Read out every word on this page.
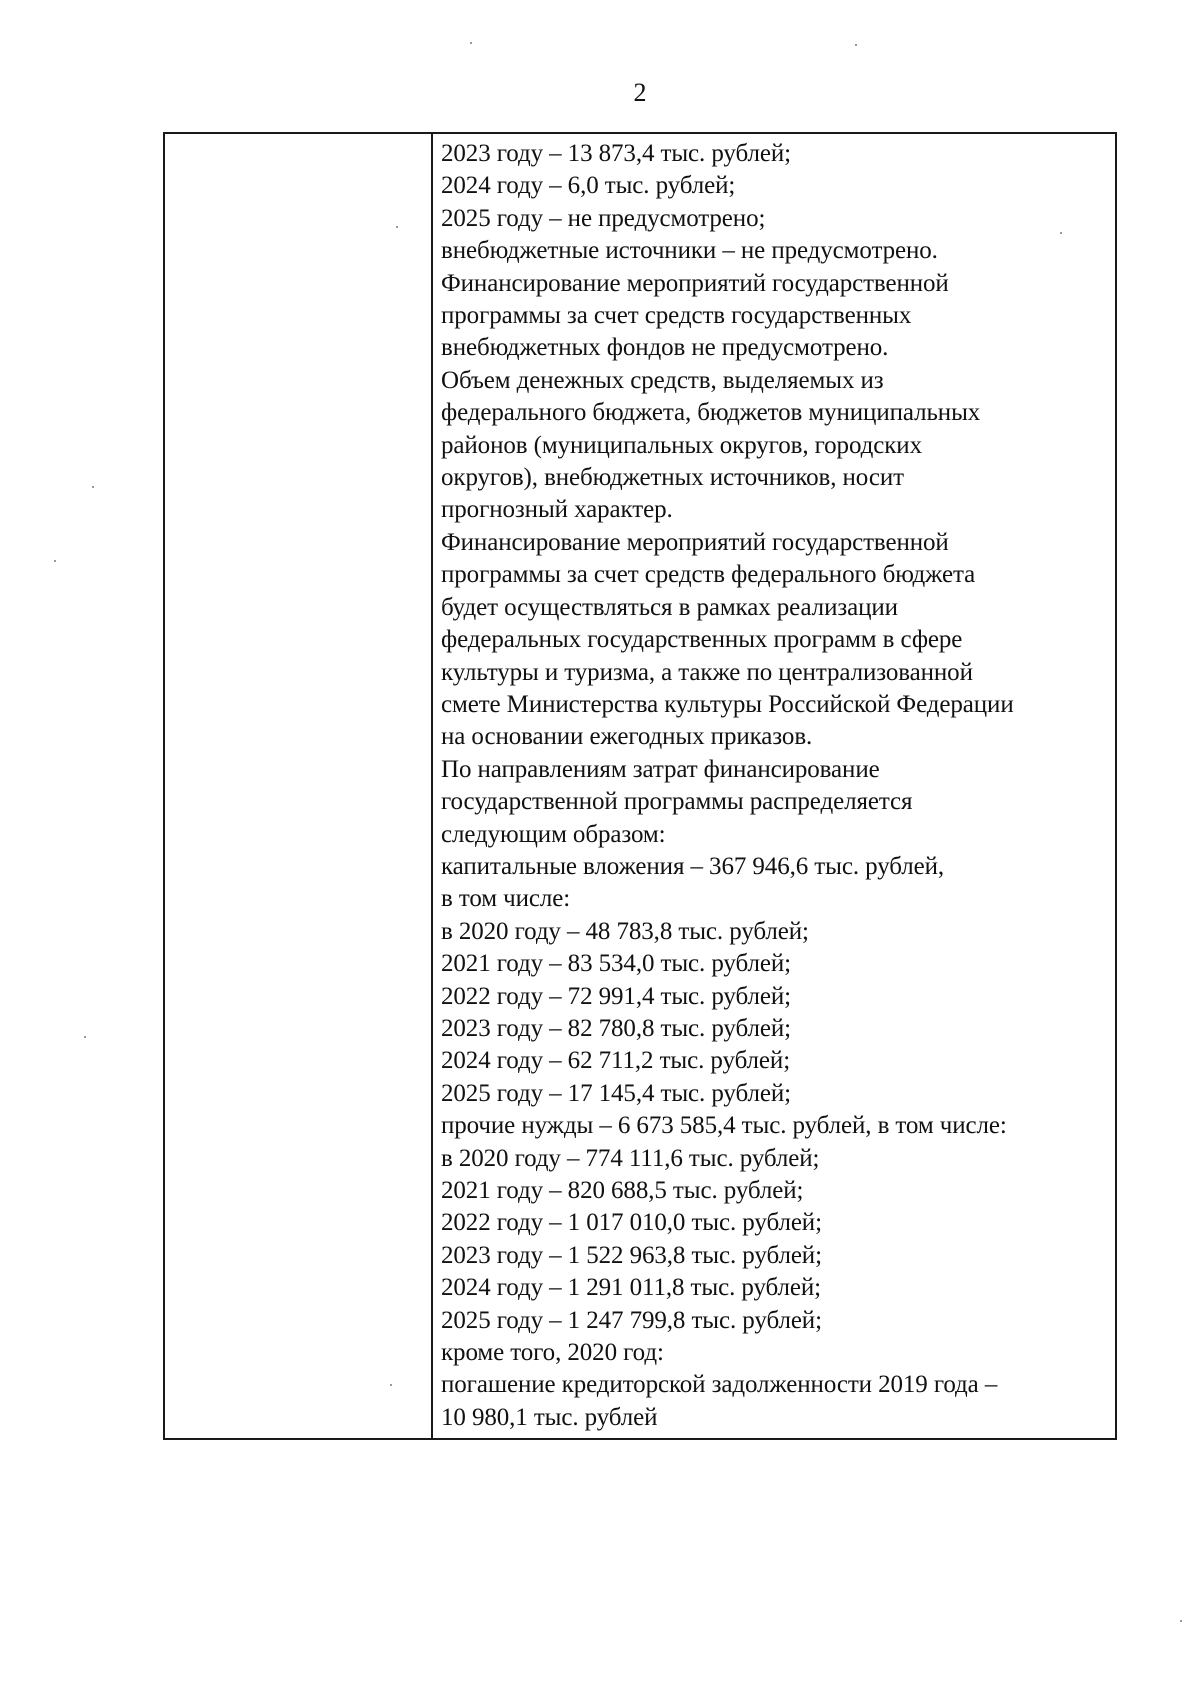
2
2023 году – 13 873,4 тыс. рублей;
2024 году – 6,0 тыс. рублей;
2025 году – не предусмотрено;
внебюджетные источники – не предусмотрено.
Финансирование мероприятий государственной
программы за счет средств государственных
внебюджетных фондов не предусмотрено.
Объем денежных средств, выделяемых из
федерального бюджета, бюджетов муниципальных
районов (муниципальных округов, городских
округов), внебюджетных источников, носит
прогнозный характер.
Финансирование мероприятий государственной
программы за счет средств федерального бюджета
будет осуществляться в рамках реализации
федеральных государственных программ в сфере
культуры и туризма, а также по централизованной
смете Министерства культуры Российской Федерации
на основании ежегодных приказов.
По направлениям затрат финансирование
государственной программы распределяется
следующим образом:
капитальные вложения – 367 946,6 тыс. рублей,
в том числе:
в 2020 году – 48 783,8 тыс. рублей;
2021 году – 83 534,0 тыс. рублей;
2022 году – 72 991,4 тыс. рублей;
2023 году – 82 780,8 тыс. рублей;
2024 году – 62 711,2 тыс. рублей;
2025 году – 17 145,4 тыс. рублей;
прочие нужды – 6 673 585,4 тыс. рублей, в том числе:
в 2020 году – 774 111,6 тыс. рублей;
2021 году – 820 688,5 тыс. рублей;
2022 году – 1 017 010,0 тыс. рублей;
2023 году – 1 522 963,8 тыс. рублей;
2024 году – 1 291 011,8 тыс. рублей;
2025 году – 1 247 799,8 тыс. рублей;
кроме того, 2020 год:
погашение кредиторской задолженности 2019 года –
10 980,1 тыс. рублей
